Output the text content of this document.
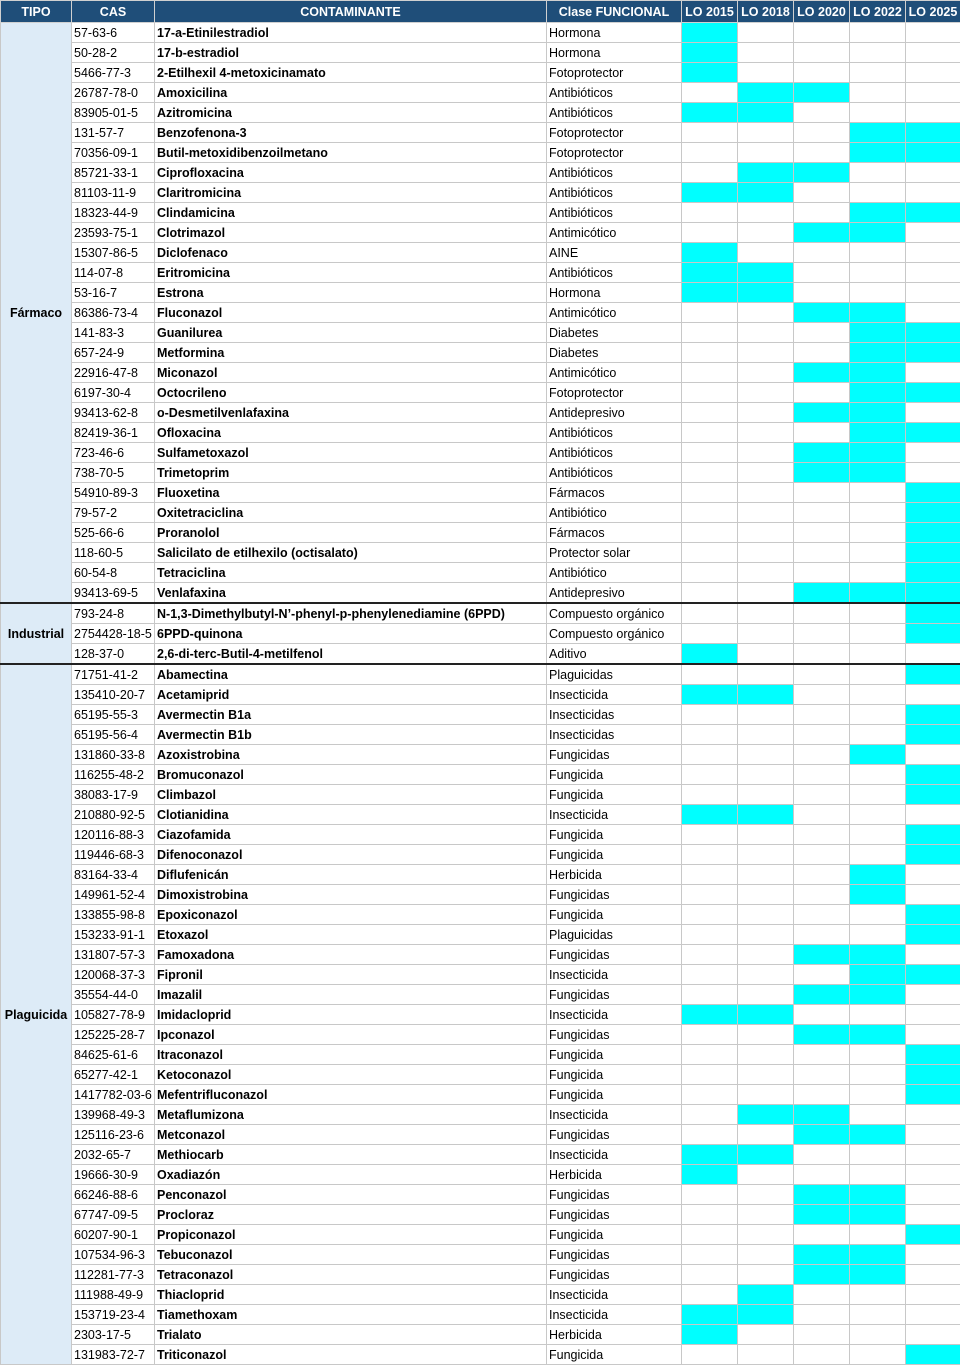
TIPO	CAS	CONTAMINANTE	Clase FUNCIONAL	LO 2015	LO 2018	LO 2020	LO 2022	LO 2025
Fármaco	57-63-6	17-a-Etinilestradiol	Hormona					
	50-28-2	17-b-estradiol	Hormona					
	5466-77-3	2-Etilhexil 4-metoxicinamato	Fotoprotector					
	26787-78-0	Amoxicilina	Antibióticos					
	83905-01-5	Azitromicina	Antibióticos					
	131-57-7	Benzofenona-3	Fotoprotector					
	70356-09-1	Butil-metoxidibenzoilmetano	Fotoprotector					
	85721-33-1	Ciprofloxacina	Antibióticos					
	81103-11-9	Claritromicina	Antibióticos					
	18323-44-9	Clindamicina	Antibióticos					
	23593-75-1	Clotrimazol	Antimicótico					
	15307-86-5	Diclofenaco	AINE					
	114-07-8	Eritromicina	Antibióticos					
	53-16-7	Estrona	Hormona					
	86386-73-4	Fluconazol	Antimicótico					
	141-83-3	Guanilurea	Diabetes					
	657-24-9	Metformina	Diabetes					
	22916-47-8	Miconazol	Antimicótico					
	6197-30-4	Octocrileno	Fotoprotector					
	93413-62-8	o-Desmetilvenlafaxina	Antidepresivo					
	82419-36-1	Ofloxacina	Antibióticos					
	723-46-6	Sulfametoxazol	Antibióticos					
	738-70-5	Trimetoprim	Antibióticos					
	54910-89-3	Fluoxetina	Fármacos					
	79-57-2	Oxitetraciclina	Antibiótico					
	525-66-6	Proranolol	Fármacos					
	118-60-5	Salicilato de etilhexilo (octisalato)	Protector solar					
	60-54-8	Tetraciclina	Antibiótico					
	93413-69-5	Venlafaxina	Antidepresivo					
Industrial	793-24-8	N-1,3-Dimethylbutyl-N’-phenyl-p-phenylenediamine (6PPD)	Compuesto orgánico					
	2754428-18-5	6PPD-quinona	Compuesto orgánico					
	128-37-0	2,6-di-terc-Butil-4-metilfenol	Aditivo					
Plaguicida	71751-41-2	Abamectina	Plaguicidas					
	135410-20-7	Acetamiprid	Insecticida					
	65195-55-3	Avermectin B1a	Insecticidas					
	65195-56-4	Avermectin B1b	Insecticidas					
	131860-33-8	Azoxistrobina	Fungicidas					
	116255-48-2	Bromuconazol	Fungicida					
	38083-17-9	Climbazol	Fungicida					
	210880-92-5	Clotianidina	Insecticida					
	120116-88-3	Ciazofamida	Fungicida					
	119446-68-3	Difenoconazol	Fungicida					
	83164-33-4	Diflufenicán	Herbicida					
	149961-52-4	Dimoxistrobina	Fungicidas					
	133855-98-8	Epoxiconazol	Fungicida					
	153233-91-1	Etoxazol	Plaguicidas					
	131807-57-3	Famoxadona	Fungicidas					
	120068-37-3	Fipronil	Insecticida					
	35554-44-0	Imazalil	Fungicidas					
	105827-78-9	Imidacloprid	Insecticida					
	125225-28-7	Ipconazol	Fungicidas					
	84625-61-6	Itraconazol	Fungicida					
	65277-42-1	Ketoconazol	Fungicida					
	1417782-03-6	Mefentrifluconazol	Fungicida					
	139968-49-3	Metaflumizona	Insecticida					
	125116-23-6	Metconazol	Fungicidas					
	2032-65-7	Methiocarb	Insecticida					
	19666-30-9	Oxadiazón	Herbicida					
	66246-88-6	Penconazol	Fungicidas					
	67747-09-5	Procloraz	Fungicidas					
	60207-90-1	Propiconazol	Fungicida					
	107534-96-3	Tebuconazol	Fungicidas					
	112281-77-3	Tetraconazol	Fungicidas					
	111988-49-9	Thiacloprid	Insecticida					
	153719-23-4	Tiamethoxam	Insecticida					
	2303-17-5	Trialato	Herbicida					
	131983-72-7	Triticonazol	Fungicida					
